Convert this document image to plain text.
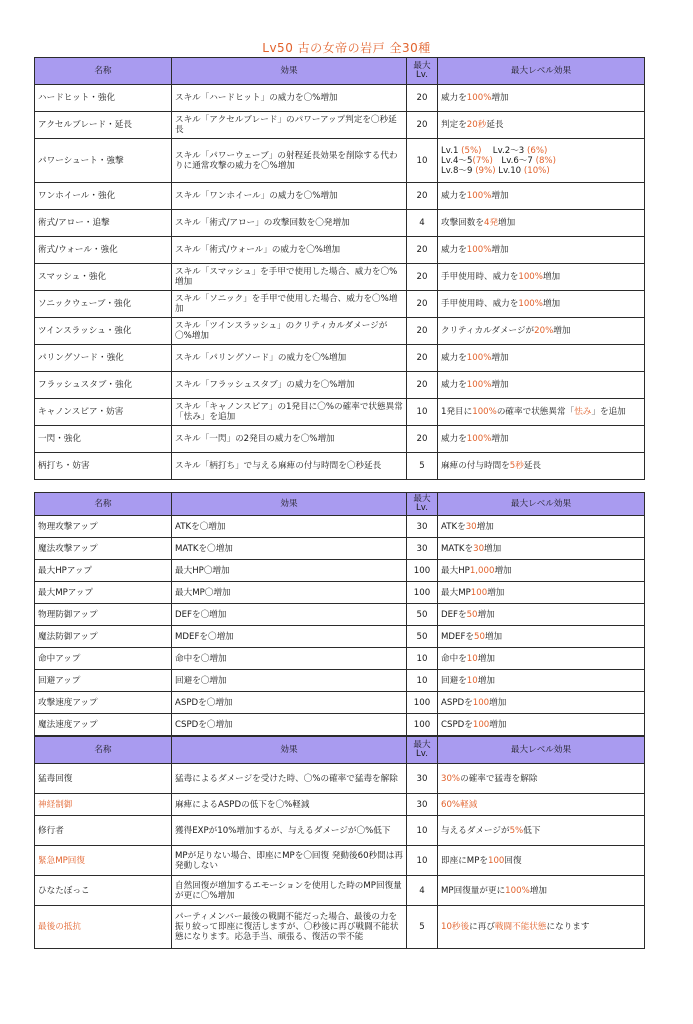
Lv50 古の女帝の岩戸 全30種
名称	効果	最大Lv.	最大レベル効果
ハードヒット・強化	スキル「ハードヒット」の威力を〇%増加	20	威力を100%増加
アクセルブレード・延長	スキル「アクセルブレード」のパワーアップ判定を〇秒延長	20	判定を20秒延長
パワーシュート・強撃	スキル「パワーウェーブ」の射程延長効果を削除する代わりに通常攻撃の威力を〇%増加	10	Lv.1 (5%)　 Lv.2～3 (6%)
Lv.4～5(7%)　Lv.6～7 (8%)
Lv.8～9 (9%) Lv.10 (10%)
ワンホイール・強化	スキル「ワンホイール」の威力を〇%増加	20	威力を100%増加
術式/アロー・追撃	スキル「術式/アロー」の攻撃回数を〇発増加	4	攻撃回数を4発増加
術式/ウォール・強化	スキル「術式/ウォール」の威力を〇%増加	20	威力を100%増加
スマッシュ・強化	スキル「スマッシュ」を手甲で使用した場合、威力を〇%増加	20	手甲使用時、威力を100%増加
ソニックウェーブ・強化	スキル「ソニック」を手甲で使用した場合、威力を〇%増加	20	手甲使用時、威力を100%増加
ツインスラッシュ・強化	スキル「ツインスラッシュ」のクリティカルダメージが〇%増加	20	クリティカルダメージが20%増加
パリングソード・強化	スキル「パリングソード」の威力を〇%増加	20	威力を100%増加
フラッシュスタブ・強化	スキル「フラッシュスタブ」の威力を〇%増加	20	威力を100%増加
キャノンスピア・妨害	スキル「キャノンスピア」の1発目に〇%の確率で状態異常「怯み」を追加	10	1発目に100%の確率で状態異常「怯み」を追加
一閃・強化	スキル「一閃」の2発目の威力を〇%増加	20	威力を100%増加
柄打ち・妨害	スキル「柄打ち」で与える麻痺の付与時間を〇秒延長	5	麻痺の付与時間を5秒延長
名称	効果	最大Lv.	最大レベル効果
物理攻撃アップ	ATKを〇増加	30	ATKを30増加
魔法攻撃アップ	MATKを〇増加	30	MATKを30増加
最大HPアップ	最大HP〇増加	100	最大HP1,000増加
最大MPアップ	最大MP〇増加	100	最大MP100増加
物理防御アップ	DEFを〇増加	50	DEFを50増加
魔法防御アップ	MDEFを〇増加	50	MDEFを50増加
命中アップ	命中を〇増加	10	命中を10増加
回避アップ	回避を〇増加	10	回避を10増加
攻撃速度アップ	ASPDを〇増加	100	ASPDを100増加
魔法速度アップ	CSPDを〇増加	100	CSPDを100増加
名称	効果	最大Lv.	最大レベル効果
猛毒回復	猛毒によるダメージを受けた時、〇%の確率で猛毒を解除	30	30%の確率で猛毒を解除
神経制御	麻痺によるASPDの低下を〇%軽減	30	60%軽減
修行者	獲得EXPが10%増加するが、与えるダメージが〇%低下	10	与えるダメージが5%低下
緊急MP回復	MPが足りない場合、即座にMPを〇回復 発動後60秒間は再発動しない	10	即座にMPを100回復
ひなたぼっこ	自然回復が増加するエモーションを使用した時のMP回復量が更に〇%増加	4	MP回復量が更に100%増加
最後の抵抗	パーティメンバー最後の戦闘不能だった場合、最後の力を振り絞って即座に復活しますが、〇秒後に再び戦闘不能状態になります。応急手当、頑張る、復活の雫不能	5	10秒後に再び戦闘不能状態になります
